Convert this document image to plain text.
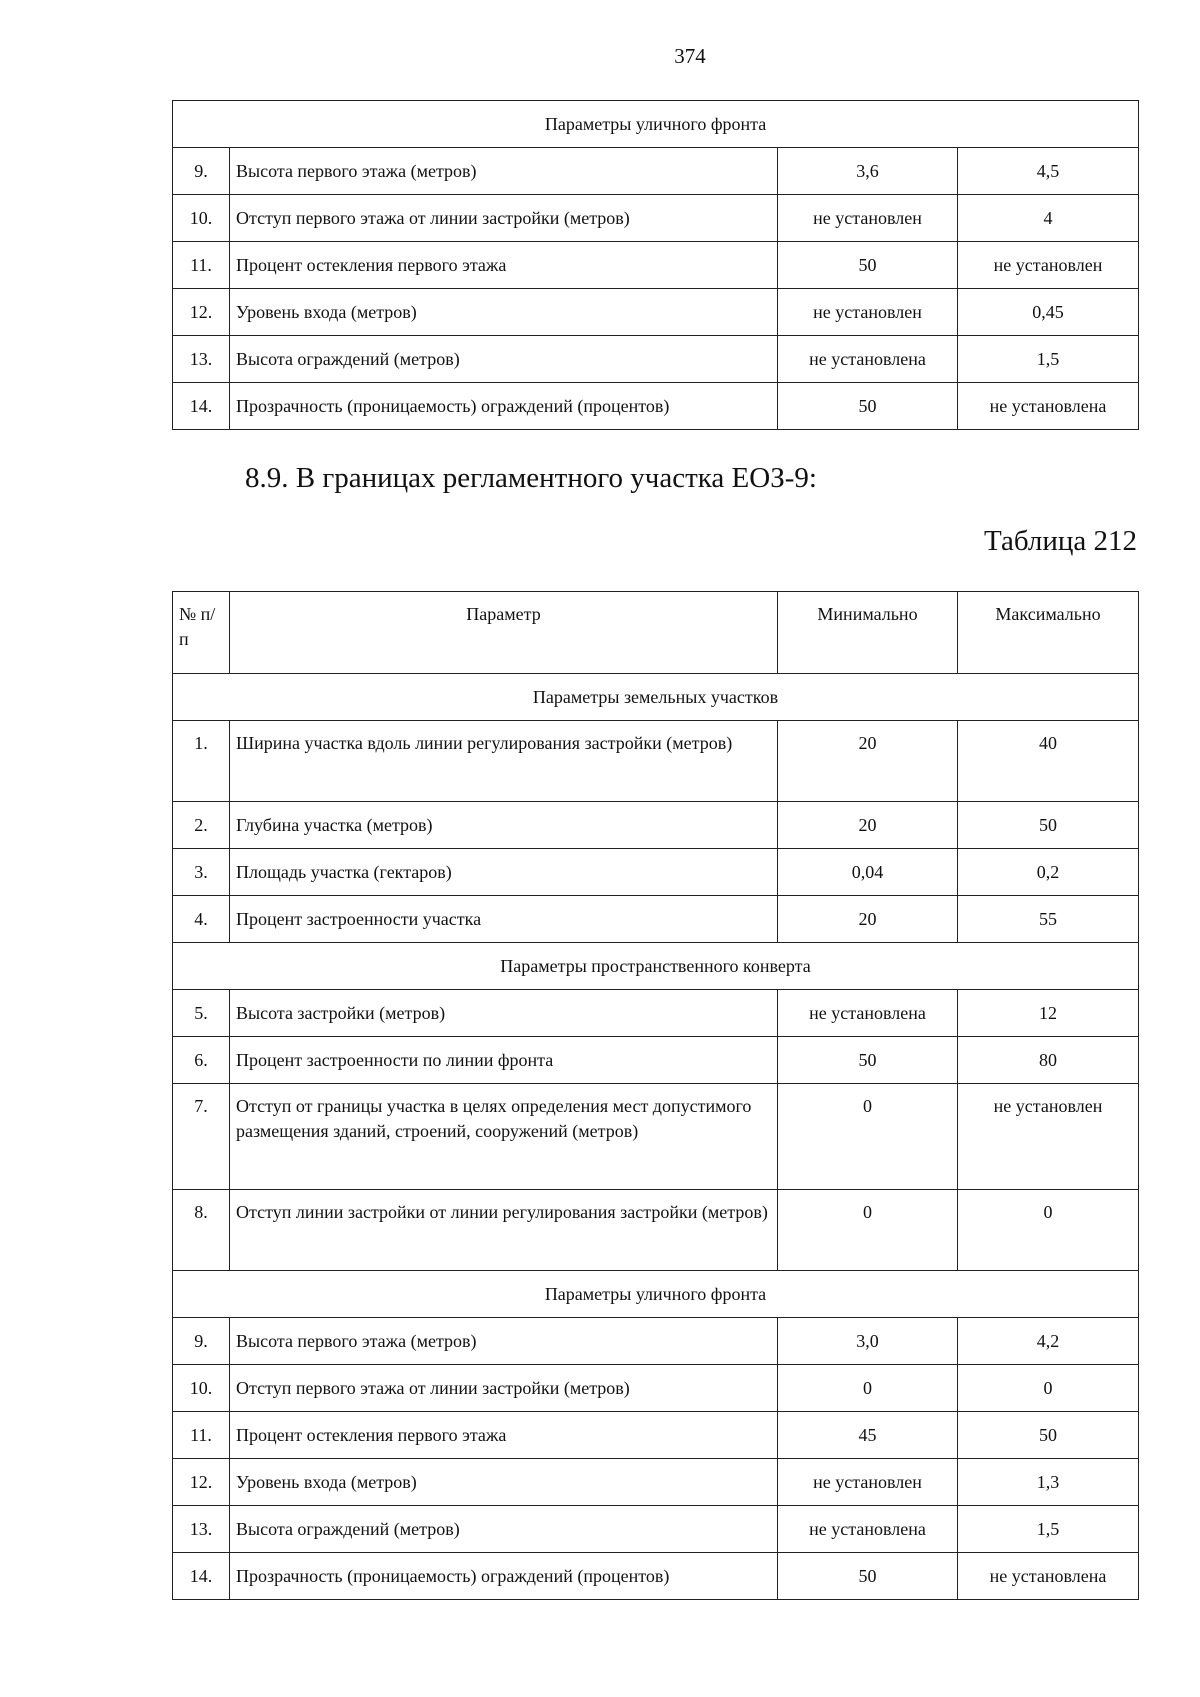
374
Параметры уличного фронта			
9.	Высота первого этажа (метров)	3,6	4,5
10.	Отступ первого этажа от линии застройки (метров)	не установлен	4
11.	Процент остекления первого этажа	50	не установлен
12.	Уровень входа (метров)	не установлен	0,45
13.	Высота ограждений (метров)	не установлена	1,5
14.	Прозрачность (проницаемость) ограждений (процентов)	50	не установлена
8.9. В границах регламентного участка ЕОЗ-9:
Таблица 212
№ п/п	Параметр	Минимально	Максимально
Параметры земельных участков			
1.	Ширина участка вдоль линии регулирования застройки (метров)	20	40
2.	Глубина участка (метров)	20	50
3.	Площадь участка (гектаров)	0,04	0,2
4.	Процент застроенности участка	20	55
Параметры пространственного конверта			
5.	Высота застройки (метров)	не установлена	12
6.	Процент застроенности по линии фронта	50	80
7.	Отступ от границы участка в целях определения мест допустимого размещения зданий, строений, сооружений (метров)	0	не установлен
8.	Отступ линии застройки от линии регулирования застройки (метров)	0	0
Параметры уличного фронта			
9.	Высота первого этажа (метров)	3,0	4,2
10.	Отступ первого этажа от линии застройки (метров)	0	0
11.	Процент остекления первого этажа	45	50
12.	Уровень входа (метров)	не установлен	1,3
13.	Высота ограждений (метров)	не установлена	1,5
14.	Прозрачность (проницаемость) ограждений (процентов)	50	не установлена
